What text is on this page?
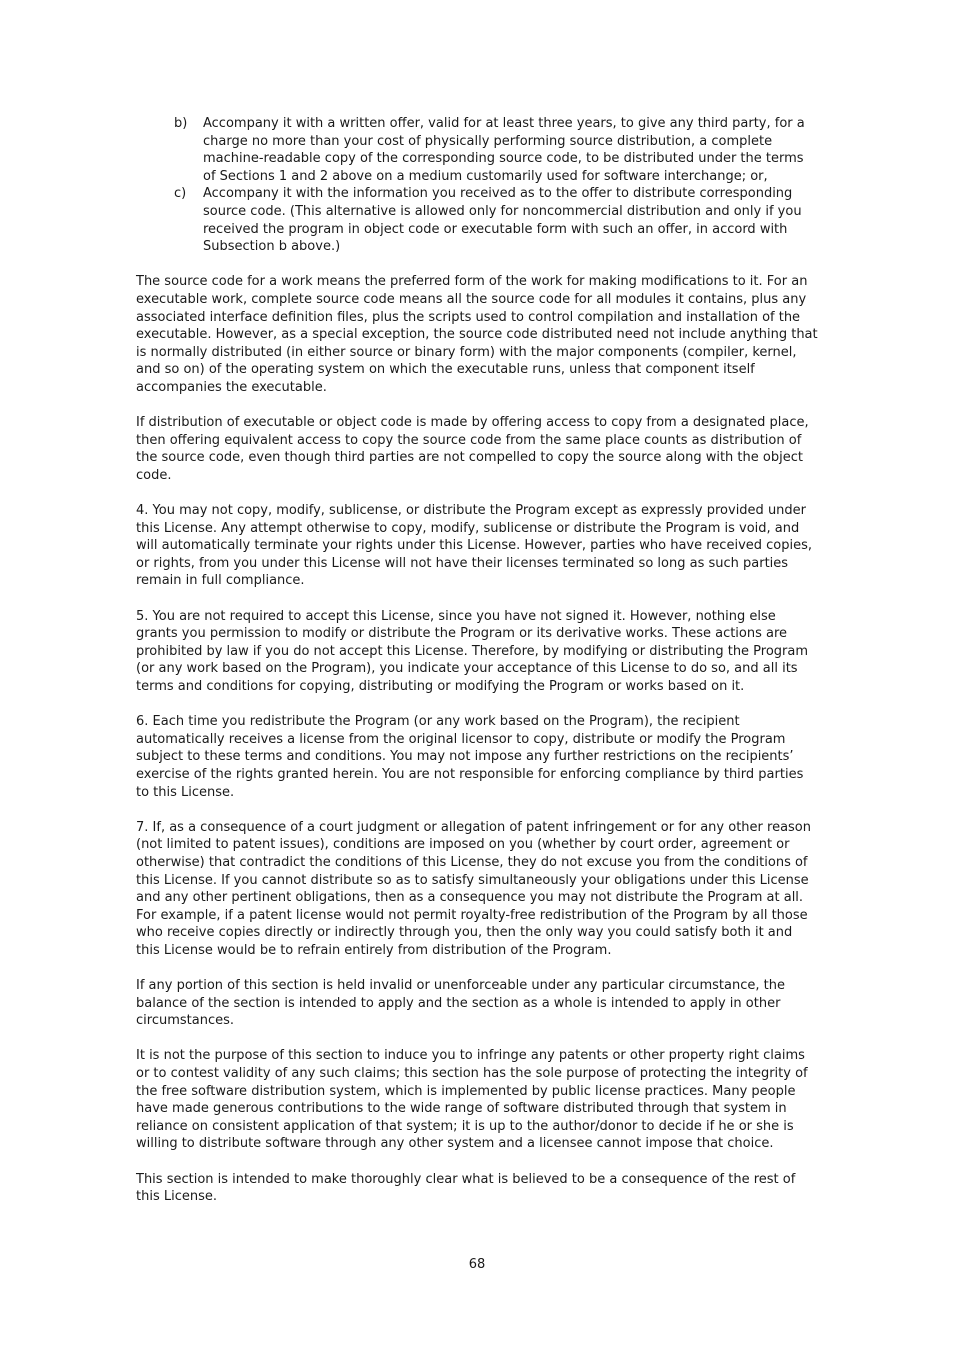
b)	Accompany it with a written offer, valid for at least three years, to give any third party, for a charge no more than your cost of physically performing source distribution, a complete machine-readable copy of the corresponding source code, to be distributed under the terms of Sections 1 and 2 above on a medium customarily used for software interchange; or,
c)	Accompany it with the information you received as to the offer to distribute corresponding source code. (This alternative is allowed only for noncommercial distribution and only if you received the program in object code or executable form with such an offer, in accord with Subsection b above.)

The source code for a work means the preferred form of the work for making modifications to it. For an executable work, complete source code means all the source code for all modules it contains, plus any associated interface definition files, plus the scripts used to control compilation and installation of the executable. However, as a special exception, the source code distributed need not include anything that is normally distributed (in either source or binary form) with the major components (compiler, kernel, and so on) of the operating system on which the executable runs, unless that component itself accompanies the executable.

If distribution of executable or object code is made by offering access to copy from a designated place, then offering equivalent access to copy the source code from the same place counts as distribution of the source code, even though third parties are not compelled to copy the source along with the object code.

4. You may not copy, modify, sublicense, or distribute the Program except as expressly provided under this License. Any attempt otherwise to copy, modify, sublicense or distribute the Program is void, and will automatically terminate your rights under this License. However, parties who have received copies, or rights, from you under this License will not have their licenses terminated so long as such parties remain in full compliance.

5. You are not required to accept this License, since you have not signed it. However, nothing else grants you permission to modify or distribute the Program or its derivative works. These actions are prohibited by law if you do not accept this License. Therefore, by modifying or distributing the Program (or any work based on the Program), you indicate your acceptance of this License to do so, and all its terms and conditions for copying, distributing or modifying the Program or works based on it.

6. Each time you redistribute the Program (or any work based on the Program), the recipient automatically receives a license from the original licensor to copy, distribute or modify the Program subject to these terms and conditions. You may not impose any further restrictions on the recipients’ exercise of the rights granted herein. You are not responsible for enforcing compliance by third parties to this License.

7. If, as a consequence of a court judgment or allegation of patent infringement or for any other reason (not limited to patent issues), conditions are imposed on you (whether by court order, agreement or otherwise) that contradict the conditions of this License, they do not excuse you from the conditions of this License. If you cannot distribute so as to satisfy simultaneously your obligations under this License and any other pertinent obligations, then as a consequence you may not distribute the Program at all. For example, if a patent license would not permit royalty-free redistribution of the Program by all those who receive copies directly or indirectly through you, then the only way you could satisfy both it and this License would be to refrain entirely from distribution of the Program.

If any portion of this section is held invalid or unenforceable under any particular circumstance, the balance of the section is intended to apply and the section as a whole is intended to apply in other circumstances.

It is not the purpose of this section to induce you to infringe any patents or other property right claims or to contest validity of any such claims; this section has the sole purpose of protecting the integrity of the free software distribution system, which is implemented by public license practices. Many people have made generous contributions to the wide range of software distributed through that system in reliance on consistent application of that system; it is up to the author/donor to decide if he or she is willing to distribute software through any other system and a licensee cannot impose that choice.

This section is intended to make thoroughly clear what is believed to be a consequence of the rest of this License.

68
